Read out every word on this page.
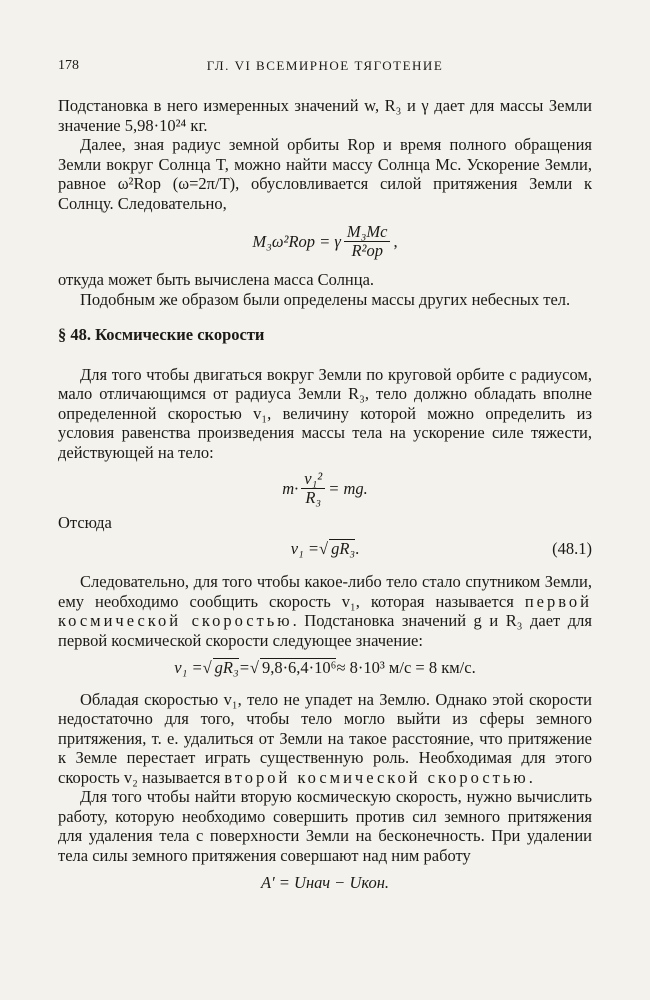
178	ГЛ. VI ВСЕМИРНОЕ ТЯГОТЕНИЕ

Подстановка в него измеренных значений w, R₃ и γ дает для массы Земли значение 5,98·10²⁴ кг.

Далее, зная радиус земной орбиты Rор и время полного обращения Земли вокруг Солнца T, можно найти массу Солнца Mс. Ускорение Земли, равное ω²Rор (ω=2π/T), обусловливается силой притяжения Земли к Солнцу. Следовательно,

M₃ω²Rор = γ $\frac{\text{M₃Mс}}{\text{R²ор}}$ ,

откуда может быть вычислена масса Солнца.

Подобным же образом были определены массы других небесных тел.

§ 48. Космические скорости

Для того чтобы двигаться вокруг Земли по круговой орбите с радиусом, мало отличающимся от радиуса Земли R₃, тело должно обладать вполне определенной скоростью v₁, величину которой можно определить из условия равенства произведения массы тела на ускорение силе тяжести, действующей на тело:

$m\cdot \frac{\text{v₁²}}{\text{R₃}}$ = mg.

Отсюда

v₁ = √ gR₃ .	(48.1)

Следовательно, для того чтобы какое-либо тело стало спутником Земли, ему необходимо сообщить скорость v₁, которая называется первой космической скоростью. Подстановка значений g и R₃ дает для первой космической скорости следующее значение:

v₁ = √ gR₃ = √ 9,8·6,4·10⁶ ≈ 8·10³ м/с = 8 км/с.

Обладая скоростью v₁, тело не упадет на Землю. Однако этой скорости недостаточно для того, чтобы тело могло выйти из сферы земного притяжения, т. е. удалиться от Земли на такое расстояние, что притяжение к Земле перестает играть существенную роль. Необходимая для этого скорость v₂ называется второй космической скоростью.

Для того чтобы найти вторую космическую скорость, нужно вычислить работу, которую необходимо совершить против сил земного притяжения для удаления тела с поверхности Земли на бесконечность. При удалении тела силы земного притяжения совершают над ним работу

A′ = Uнач − Uкон.
